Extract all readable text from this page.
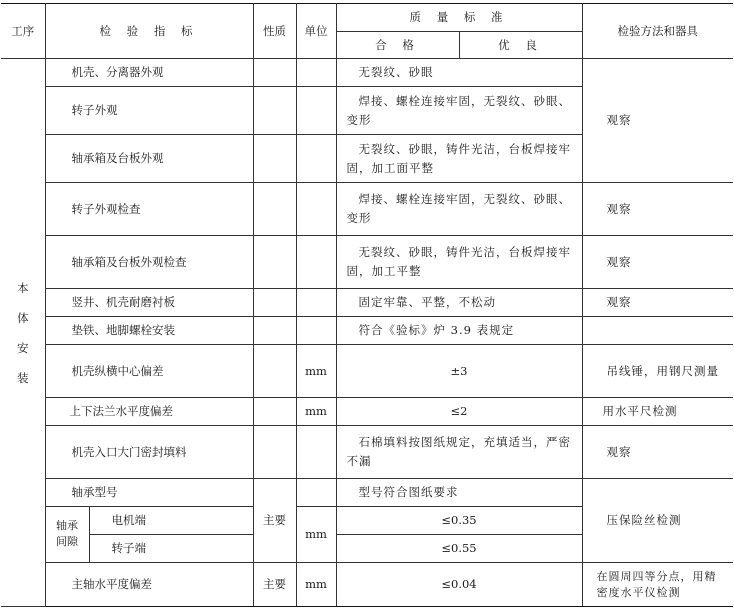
工序	检 验 指 标		性质	单位	质 量 标 准		检验方法和器具
					合 格	优 良	
本体安装	机壳、分离器外观				无裂纹、砂眼		观察
	转子外观				焊接、螺栓连接牢固，无裂纹、砂眼、变形		
	轴承箱及台板外观				无裂纹、砂眼，铸件光洁，台板焊接牢固，加工面平整		
	转子外观检查				焊接、螺栓连接牢固，无裂纹、砂眼、变形		观察
	轴承箱及台板外观检查				无裂纹、砂眼，铸件光洁，台板焊接牢固，加工平整		观察
	竖井、机壳耐磨衬板				固定牢靠、平整，不松动		观察
	垫铁、地脚螺栓安装				符合《验标》炉 3.9 表规定		
	机壳纵横中心偏差			mm	±3		吊线锤，用钢尺测量
	上下法兰水平度偏差			mm	≤2		用水平尺检测
	机壳入口大门密封填料				石棉填料按图纸规定，充填适当，严密不漏		观察
	轴承型号		主要		型号符合图纸要求		压保险丝检测
	轴承间隙	电机端		mm	≤0.35		
		转子端			≤0.55		
	主轴水平度偏差		主要	mm	≤0.04		在圆周四等分点，用精密度水平仪检测
